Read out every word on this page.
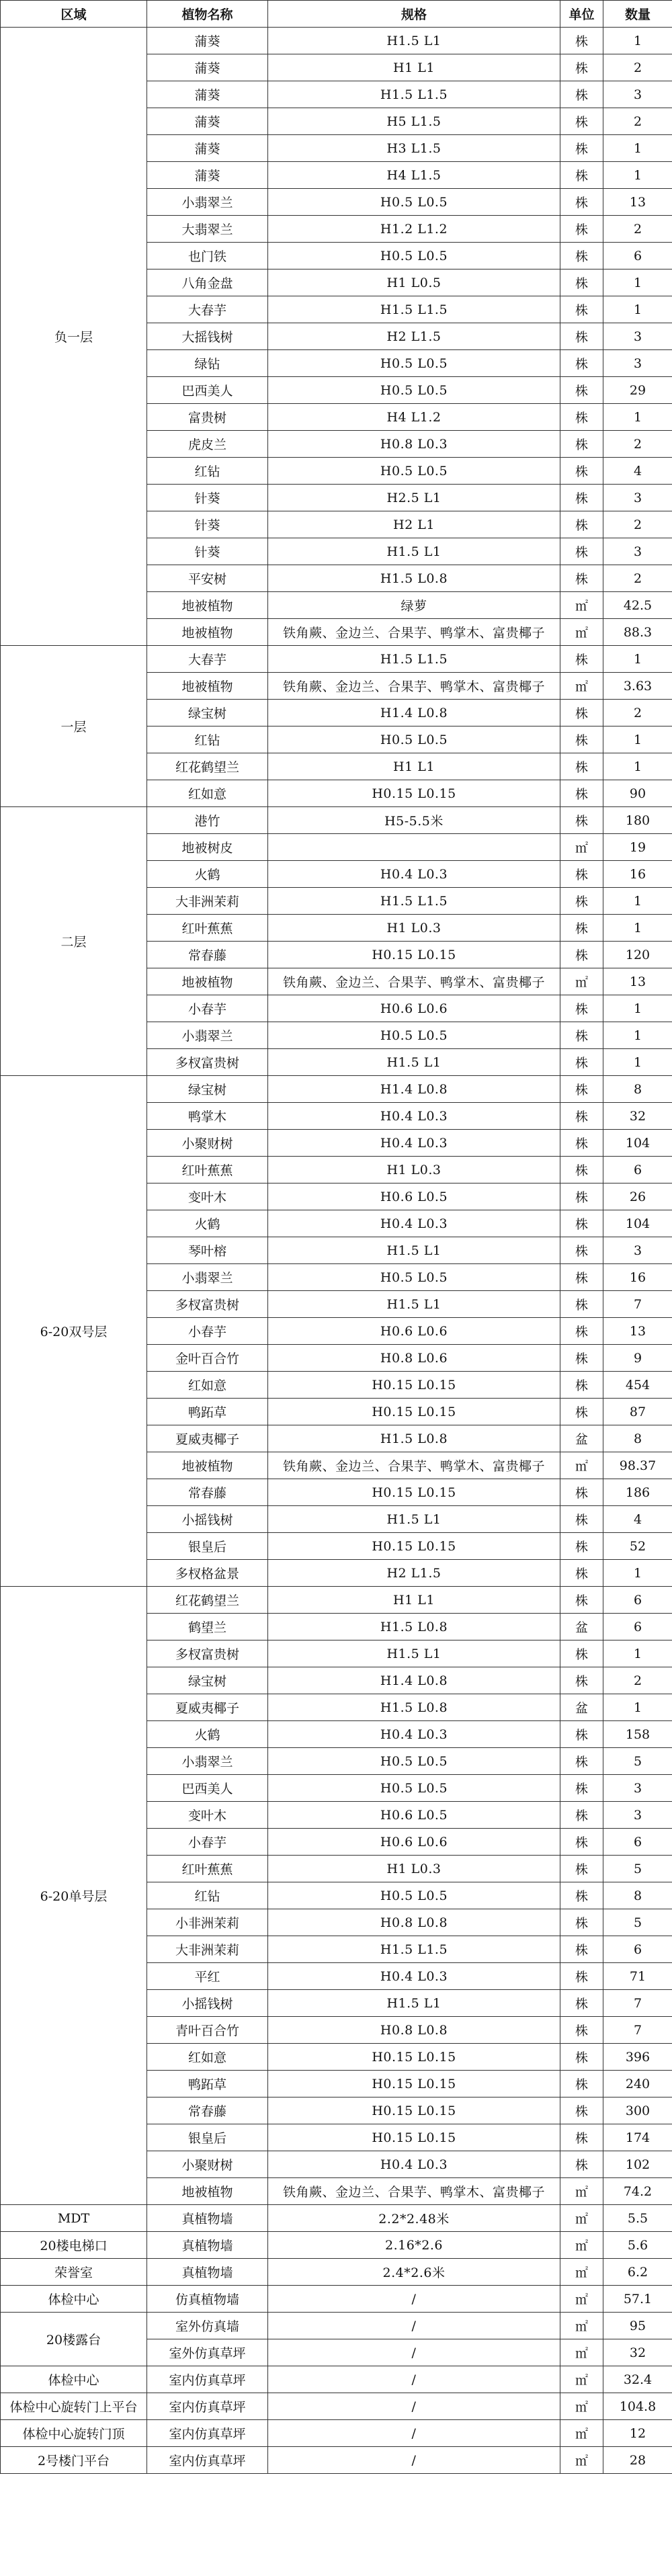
区域	植物名称	规格	单位	数量
负一层	蒲葵	H1.5 L1	株	1
	蒲葵	H1 L1	株	2
	蒲葵	H1.5 L1.5	株	3
	蒲葵	H5 L1.5	株	2
	蒲葵	H3 L1.5	株	1
	蒲葵	H4 L1.5	株	1
	小翡翠兰	H0.5 L0.5	株	13
	大翡翠兰	H1.2 L1.2	株	2
	也门铁	H0.5 L0.5	株	6
	八角金盘	H1 L0.5	株	1
	大春芋	H1.5 L1.5	株	1
	大摇钱树	H2 L1.5	株	3
	绿钻	H0.5 L0.5	株	3
	巴西美人	H0.5 L0.5	株	29
	富贵树	H4 L1.2	株	1
	虎皮兰	H0.8 L0.3	株	2
	红钻	H0.5 L0.5	株	4
	针葵	H2.5 L1	株	3
	针葵	H2 L1	株	2
	针葵	H1.5 L1	株	3
	平安树	H1.5 L0.8	株	2
	地被植物	绿萝	㎡	42.5
	地被植物	铁角蕨、金边兰、合果芋、鸭掌木、富贵椰子	㎡	88.3
一层	大春芋	H1.5 L1.5	株	1
	地被植物	铁角蕨、金边兰、合果芋、鸭掌木、富贵椰子	㎡	3.63
	绿宝树	H1.4 L0.8	株	2
	红钻	H0.5 L0.5	株	1
	红花鹤望兰	H1 L1	株	1
	红如意	H0.15 L0.15	株	90
二层	港竹	H5-5.5米	株	180
	地被树皮		㎡	19
	火鹤	H0.4 L0.3	株	16
	大非洲茉莉	H1.5 L1.5	株	1
	红叶蕉蕉	H1 L0.3	株	1
	常春藤	H0.15 L0.15	株	120
	地被植物	铁角蕨、金边兰、合果芋、鸭掌木、富贵椰子	㎡	13
	小春芋	H0.6 L0.6	株	1
	小翡翠兰	H0.5 L0.5	株	1
	多杈富贵树	H1.5 L1	株	1
6-20双号层	绿宝树	H1.4 L0.8	株	8
	鸭掌木	H0.4 L0.3	株	32
	小聚财树	H0.4 L0.3	株	104
	红叶蕉蕉	H1 L0.3	株	6
	变叶木	H0.6 L0.5	株	26
	火鹤	H0.4 L0.3	株	104
	琴叶榕	H1.5 L1	株	3
	小翡翠兰	H0.5 L0.5	株	16
	多杈富贵树	H1.5 L1	株	7
	小春芋	H0.6 L0.6	株	13
	金叶百合竹	H0.8 L0.6	株	9
	红如意	H0.15 L0.15	株	454
	鸭跖草	H0.15 L0.15	株	87
	夏威夷椰子	H1.5 L0.8	盆	8
	地被植物	铁角蕨、金边兰、合果芋、鸭掌木、富贵椰子	㎡	98.37
	常春藤	H0.15 L0.15	株	186
	小摇钱树	H1.5 L1	株	4
	银皇后	H0.15 L0.15	株	52
	多杈格盆景	H2 L1.5	株	1
6-20单号层	红花鹤望兰	H1 L1	株	6
	鹤望兰	H1.5 L0.8	盆	6
	多杈富贵树	H1.5 L1	株	1
	绿宝树	H1.4 L0.8	株	2
	夏威夷椰子	H1.5 L0.8	盆	1
	火鹤	H0.4 L0.3	株	158
	小翡翠兰	H0.5 L0.5	株	5
	巴西美人	H0.5 L0.5	株	3
	变叶木	H0.6 L0.5	株	3
	小春芋	H0.6 L0.6	株	6
	红叶蕉蕉	H1 L0.3	株	5
	红钻	H0.5 L0.5	株	8
	小非洲茉莉	H0.8 L0.8	株	5
	大非洲茉莉	H1.5 L1.5	株	6
	平红	H0.4 L0.3	株	71
	小摇钱树	H1.5 L1	株	7
	青叶百合竹	H0.8 L0.8	株	7
	红如意	H0.15 L0.15	株	396
	鸭跖草	H0.15 L0.15	株	240
	常春藤	H0.15 L0.15	株	300
	银皇后	H0.15 L0.15	株	174
	小聚财树	H0.4 L0.3	株	102
	地被植物	铁角蕨、金边兰、合果芋、鸭掌木、富贵椰子	㎡	74.2
MDT	真植物墙	2.2*2.48米	㎡	5.5
20楼电梯口	真植物墙	2.16*2.6	㎡	5.6
荣誉室	真植物墙	2.4*2.6米	㎡	6.2
体检中心	仿真植物墙	/	㎡	57.1
20楼露台	室外仿真墙	/	㎡	95
	室外仿真草坪	/	㎡	32
体检中心	室内仿真草坪	/	㎡	32.4
体检中心旋转门上平台	室内仿真草坪	/	㎡	104.8
体检中心旋转门顶	室内仿真草坪	/	㎡	12
2号楼门平台	室内仿真草坪	/	㎡	28
